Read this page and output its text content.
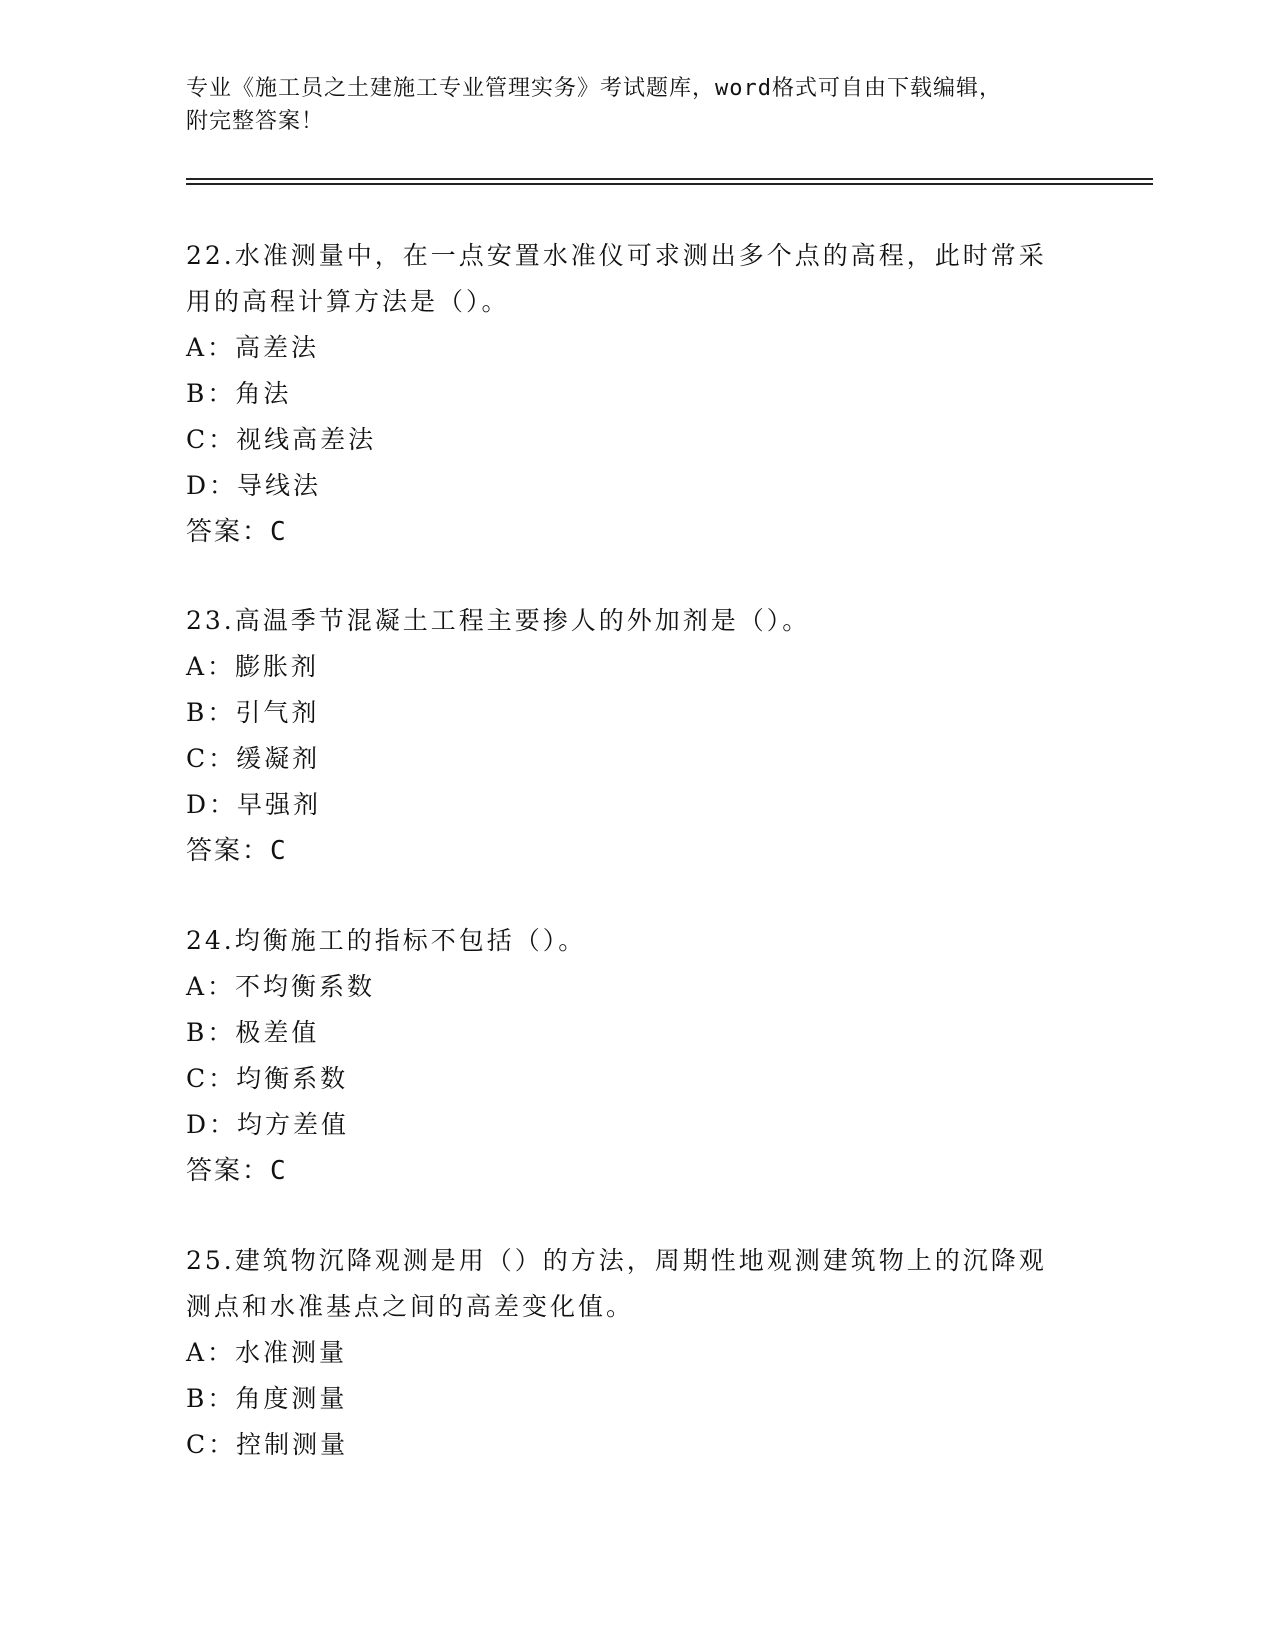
专业《施工员之土建施工专业管理实务》考试题库，word格式可自由下载编辑，
附完整答案！
22.水准测量中，在一点安置水准仪可求测出多个点的高程，此时常采
用的高程计算方法是（）。
A：高差法
B：角法
C：视线高差法
D：导线法
答案：C
23.高温季节混凝土工程主要掺人的外加剂是（）。
A：膨胀剂
B：引气剂
C：缓凝剂
D：早强剂
答案：C
24.均衡施工的指标不包括（）。
A：不均衡系数
B：极差值
C：均衡系数
D：均方差值
答案：C
25.建筑物沉降观测是用（）的方法，周期性地观测建筑物上的沉降观
测点和水准基点之间的高差变化值。
A：水准测量
B：角度测量
C：控制测量
